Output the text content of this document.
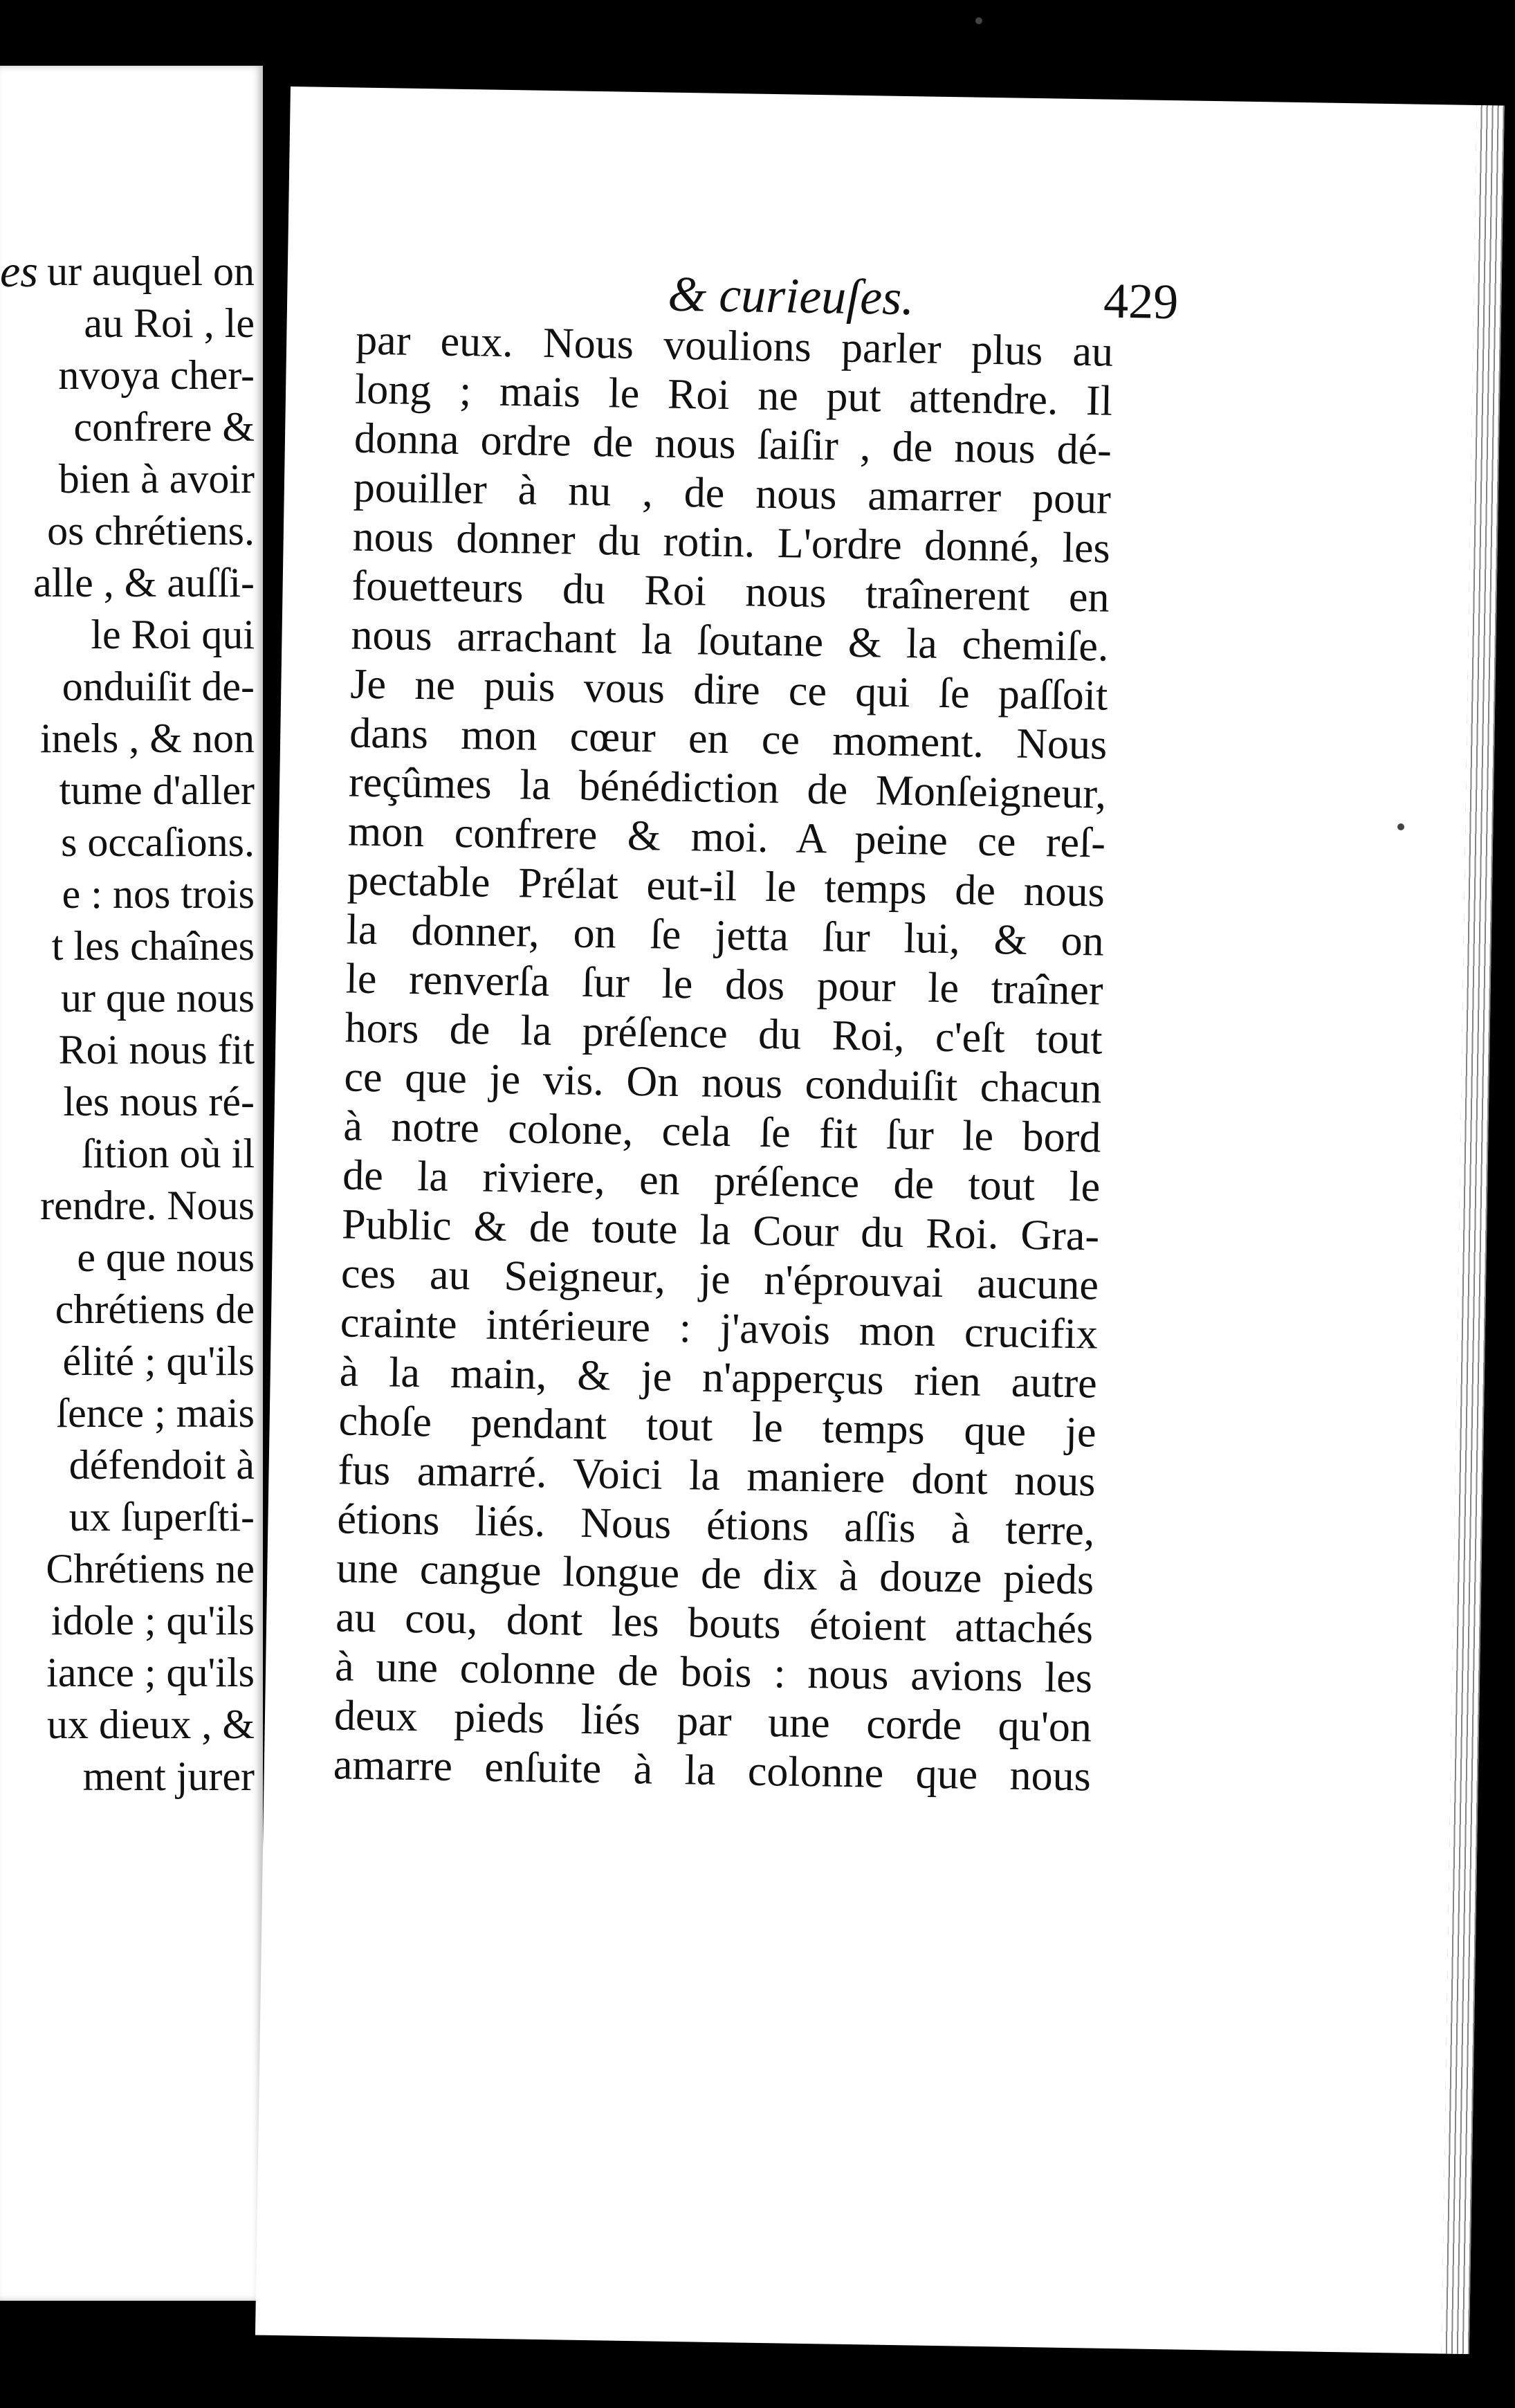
es ur auquel on
au Roi , le
nvoya cher-
confrere &
bien à avoir
os chrétiens.
alle , & auſſi-
le Roi qui
onduiſit de-
inels , & non
tume d'aller
s occaſions.
e : nos trois
t les chaînes
ur que nous
Roi nous fit
les nous ré-
ſition où il
rendre. Nous
e que nous
chrétiens de
élité ; qu'ils
ſence ; mais
défendoit à
ux ſuperſti-
Chrétiens ne
idole ; qu'ils
iance ; qu'ils
ux dieux , &
ment jurer
& curieuſes.	429
par eux. Nous voulions parler plus au
long ; mais le Roi ne put attendre. Il
donna ordre de nous ſaiſir , de nous dé-
pouiller à nu , de nous amarrer pour
nous donner du rotin. L'ordre donné, les
fouetteurs du Roi nous traînerent en
nous arrachant la ſoutane & la chemiſe.
Je ne puis vous dire ce qui ſe paſſoit
dans mon cœur en ce moment. Nous
reçûmes la bénédiction de Monſeigneur,
mon confrere & moi. A peine ce reſ-
pectable Prélat eut-il le temps de nous
la donner, on ſe jetta ſur lui, & on
le renverſa ſur le dos pour le traîner
hors de la préſence du Roi, c'eſt tout
ce que je vis. On nous conduiſit chacun
à notre colone, cela ſe fit ſur le bord
de la riviere, en préſence de tout le
Public & de toute la Cour du Roi. Gra-
ces au Seigneur, je n'éprouvai aucune
crainte intérieure : j'avois mon crucifix
à la main, & je n'apperçus rien autre
choſe pendant tout le temps que je
fus amarré. Voici la maniere dont nous
étions liés. Nous étions aſſis à terre,
une cangue longue de dix à douze pieds
au cou, dont les bouts étoient attachés
à une colonne de bois : nous avions les
deux pieds liés par une corde qu'on
amarre enſuite à la colonne que nous
